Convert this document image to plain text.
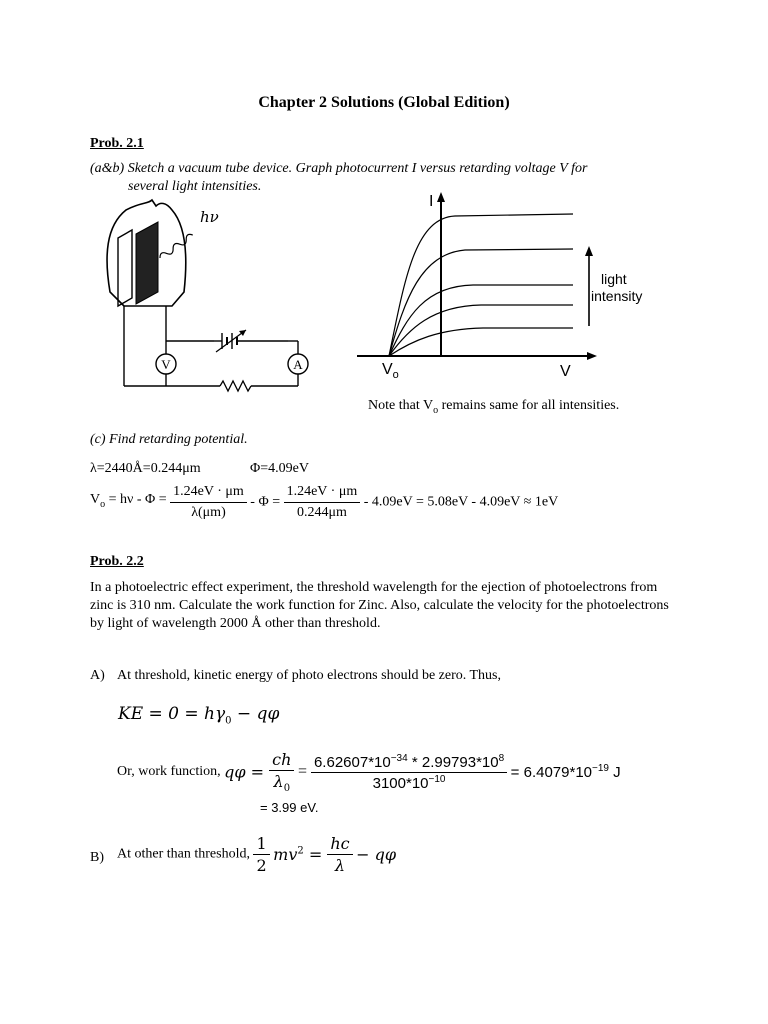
Chapter 2 Solutions (Global Edition)
Prob. 2.1
(a&b) Sketch a vacuum tube device. Graph photocurrent I versus retarding voltage V for
several light intensities.
hν
A
V
I
V
$V_o$
light
intensity
Note that $V_o$ remains same for all intensities.
(c) Find retarding potential.
λ=2440Å=0.244μm	Φ=4.09eV
$V_o = h\nu - \Phi = \frac{1.24eV \cdot \mu m}{\lambda(\mu m)} - \Phi = \frac{1.24eV \cdot \mu m}{0.244\mu m} - 4.09eV = 5.08eV - 4.09eV \approx 1eV$
Prob. 2.2
In a photoelectric effect experiment, the threshold wavelength for the ejection of photoelectrons from zinc is 310 nm. Calculate the work function for Zinc. Also, calculate the velocity for the photoelectrons by light of wavelength 2000 Å other than threshold.
A) At threshold, kinetic energy of photo electrons should be zero. Thus,
KE = $0 = h\gamma_0 - q\varphi$
Or, work function, $q\varphi = \frac{ch}{\lambda_0} = \frac{6.62607*10^{-34} * 2.99793*10^8}{3100*10^{-10}} = 6.4079*10^{-19}$ J
= 3.99 eV.
B) At other than threshold, $\frac{1}{2} mv^2 = \frac{hc}{\lambda} - q\varphi$
